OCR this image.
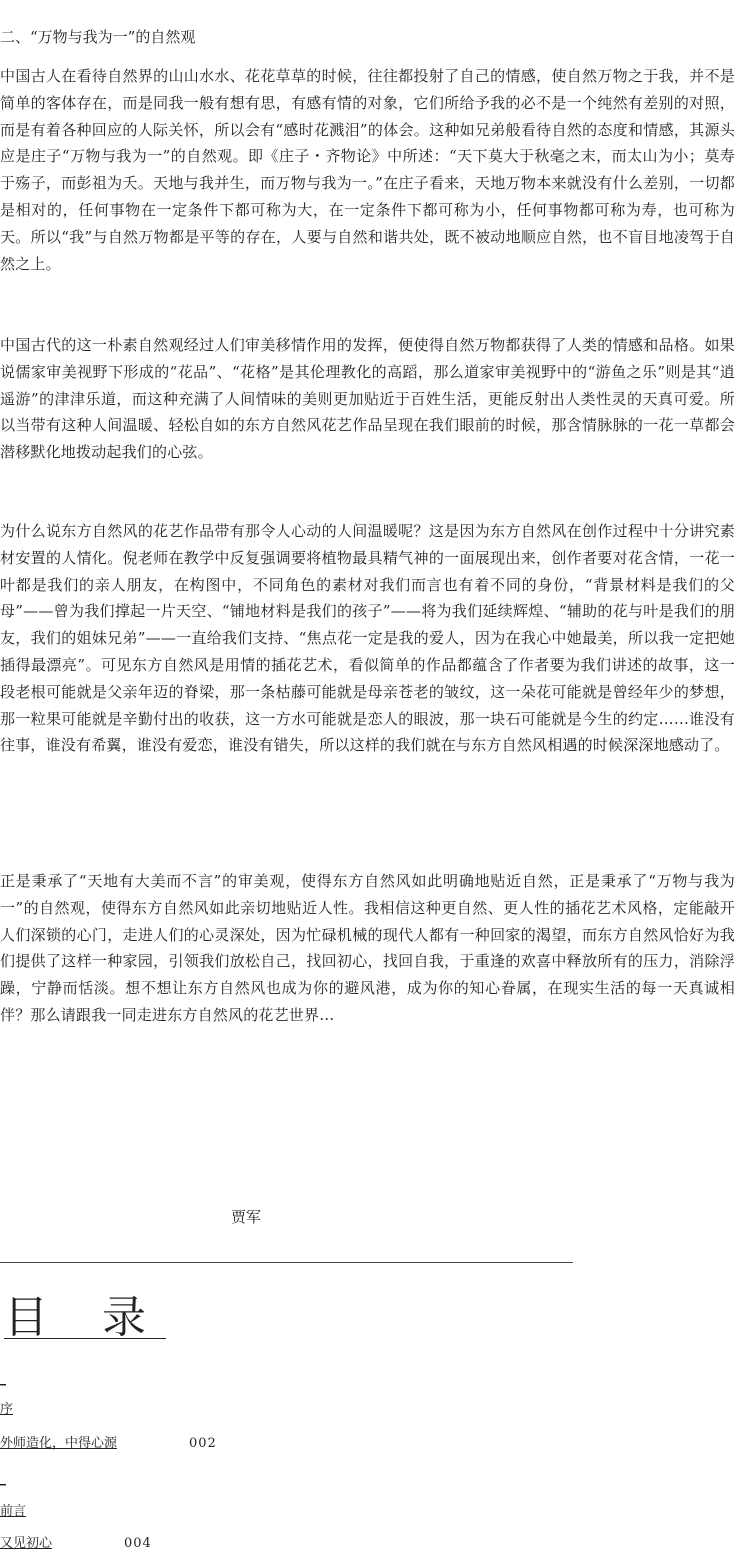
二、“万物与我为一”的自然观

中国古人在看待自然界的山山水水、花花草草的时候，往往都投射了自己的情感，使自然万物之于我，并不是简单的客体存在，而是同我一般有想有思，有感有情的对象，它们所给予我的必不是一个纯然有差别的对照，而是有着各种回应的人际关怀，所以会有“感时花溅泪”的体会。这种如兄弟般看待自然的态度和情感，其源头应是庄子“万物与我为一”的自然观。即《庄子・齐物论》中所述：“天下莫大于秋毫之末，而太山为小；莫寿于殇子，而彭祖为夭。天地与我并生，而万物与我为一。”在庄子看来，天地万物本来就没有什么差别，一切都是相对的，任何事物在一定条件下都可称为大，在一定条件下都可称为小，任何事物都可称为寿，也可称为天。所以“我”与自然万物都是平等的存在，人要与自然和谐共处，既不被动地顺应自然，也不盲目地凌驾于自然之上。

中国古代的这一朴素自然观经过人们审美移情作用的发挥，便使得自然万物都获得了人类的情感和品格。如果说儒家审美视野下形成的“花品”、“花格”是其伦理教化的高蹈，那么道家审美视野中的“游鱼之乐”则是其“逍遥游”的津津乐道，而这种充满了人间情味的美则更加贴近于百姓生活，更能反射出人类性灵的天真可爱。所以当带有这种人间温暖、轻松自如的东方自然风花艺作品呈现在我们眼前的时候，那含情脉脉的一花一草都会潜移默化地拨动起我们的心弦。

为什么说东方自然风的花艺作品带有那令人心动的人间温暖呢？这是因为东方自然风在创作过程中十分讲究素材安置的人情化。倪老师在教学中反复强调要将植物最具精气神的一面展现出来，创作者要对花含情，一花一叶都是我们的亲人朋友，在构图中，不同角色的素材对我们而言也有着不同的身份，“背景材料是我们的父母”——曾为我们撑起一片天空、“铺地材料是我们的孩子”——将为我们延续辉煌、“辅助的花与叶是我们的朋友，我们的姐妹兄弟”——一直给我们支持、“焦点花一定是我的爱人，因为在我心中她最美，所以我一定把她插得最漂亮”。可见东方自然风是用情的插花艺术，看似简单的作品都蕴含了作者要为我们讲述的故事，这一段老根可能就是父亲年迈的脊梁，那一条枯藤可能就是母亲苍老的皱纹，这一朵花可能就是曾经年少的梦想，那一粒果可能就是辛勤付出的收获，这一方水可能就是恋人的眼波，那一块石可能就是今生的约定……谁没有往事，谁没有希翼，谁没有爱恋，谁没有错失，所以这样的我们就在与东方自然风相遇的时候深深地感动了。

正是秉承了“天地有大美而不言”的审美观，使得东方自然风如此明确地贴近自然，正是秉承了“万物与我为一”的自然观，使得东方自然风如此亲切地贴近人性。我相信这种更自然、更人性的插花艺术风格，定能敲开人们深锁的心门，走进人们的心灵深处，因为忙碌机械的现代人都有一种回家的渴望，而东方自然风恰好为我们提供了这样一种家园，引领我们放松自己，找回初心，找回自我，于重逢的欢喜中释放所有的压力，消除浮躁，宁静而恬淡。想不想让东方自然风也成为你的避风港，成为你的知心眷属，在现实生活的每一天真诚相伴？那么请跟我一同走进东方自然风的花艺世界…

贾军
目 录
_
序
外师造化，中得心源	002
_
前言
又见初心	004
